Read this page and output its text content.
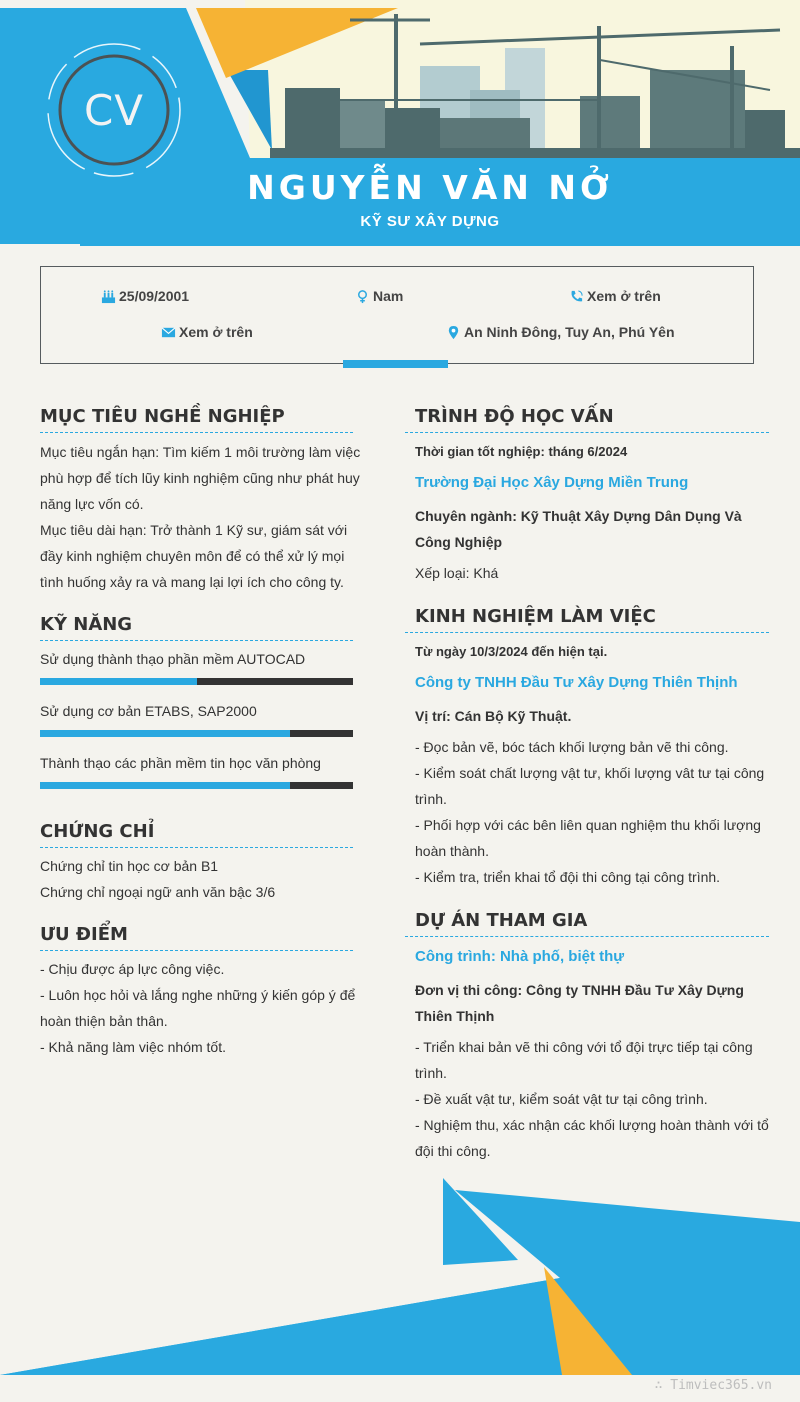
CV
NGUYỄN VĂN NỞ
KỸ SƯ XÂY DỰNG
25/09/2001	Nam	Xem ở trên
Xem ở trên	An Ninh Đông, Tuy An, Phú Yên
MỤC TIÊU NGHỀ NGHIỆP
Mục tiêu ngắn hạn: Tìm kiếm 1 môi trường làm việc phù hợp để tích lũy kinh nghiệm cũng như phát huy năng lực vốn có.
Mục tiêu dài hạn: Trở thành 1 Kỹ sư, giám sát với đầy kinh nghiệm chuyên môn để có thể xử lý mọi tình huống xảy ra và mang lại lợi ích cho công ty.
KỸ NĂNG
Sử dụng thành thạo phần mềm AUTOCAD
Sử dụng cơ bản ETABS, SAP2000
Thành thạo các phần mềm tin học văn phòng
CHỨNG CHỈ
Chứng chỉ tin học cơ bản B1
Chứng chỉ ngoại ngữ anh văn bậc 3/6
ƯU ĐIỂM
- Chịu được áp lực công việc.
- Luôn học hỏi và lắng nghe những ý kiến góp ý để hoàn thiện bản thân.
- Khả năng làm việc nhóm tốt.
TRÌNH ĐỘ HỌC VẤN
Thời gian tốt nghiệp: tháng 6/2024
Trường Đại Học Xây Dựng Miền Trung
Chuyên ngành: Kỹ Thuật Xây Dựng Dân Dụng Và Công Nghiệp
Xếp loại: Khá
KINH NGHIỆM LÀM VIỆC
Từ ngày 10/3/2024 đến hiện tại.
Công ty TNHH Đầu Tư Xây Dựng Thiên Thịnh
Vị trí: Cán Bộ Kỹ Thuật.
- Đọc bản vẽ, bóc tách khối lượng bản vẽ thi công.
- Kiểm soát chất lượng vật tư, khối lượng vât tư tại công trình.
- Phối hợp với các bên liên quan nghiệm thu khối lượng hoàn thành.
- Kiểm tra, triển khai tổ đội thi công tại công trình.
DỰ ÁN THAM GIA
Công trình: Nhà phố, biệt thự
Đơn vị thi công: Công ty TNHH Đầu Tư Xây Dựng Thiên Thịnh
- Triển khai bản vẽ thi công với tổ đội trực tiếp tại công trình.
- Đề xuất vật tư, kiểm soát vật tư tại công trình.
- Nghiệm thu, xác nhận các khối lượng hoàn thành với tổ đội thi công.
∴ Timviec365.vn
